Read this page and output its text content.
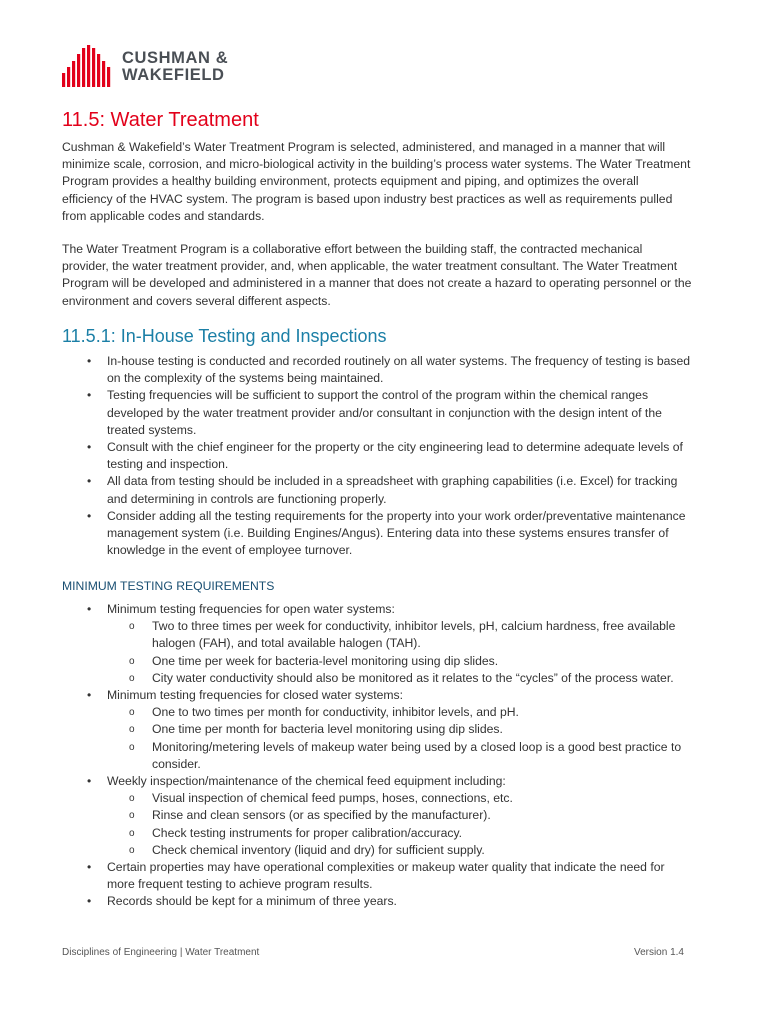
CUSHMAN &
WAKEFIELD
11.5: Water Treatment

Cushman & Wakefield’s Water Treatment Program is selected, administered, and managed in a manner that will minimize scale, corrosion, and micro-biological activity in the building’s process water systems. The Water Treatment Program provides a healthy building environment, protects equipment and piping, and optimizes the overall efficiency of the HVAC system. The program is based upon industry best practices as well as requirements pulled from applicable codes and standards.

The Water Treatment Program is a collaborative effort between the building staff, the contracted mechanical provider, the water treatment provider, and, when applicable, the water treatment consultant. The Water Treatment Program will be developed and administered in a manner that does not create a hazard to operating personnel or the environment and covers several different aspects.

11.5.1: In-House Testing and Inspections
• In-house testing is conducted and recorded routinely on all water systems. The frequency of testing is based on the complexity of the systems being maintained.
• Testing frequencies will be sufficient to support the control of the program within the chemical ranges developed by the water treatment provider and/or consultant in conjunction with the design intent of the treated systems.
• Consult with the chief engineer for the property or the city engineering lead to determine adequate levels of testing and inspection.
• All data from testing should be included in a spreadsheet with graphing capabilities (i.e. Excel) for tracking and determining in controls are functioning properly.
• Consider adding all the testing requirements for the property into your work order/preventative maintenance management system (i.e. Building Engines/Angus). Entering data into these systems ensures transfer of knowledge in the event of employee turnover.
MINIMUM TESTING REQUIREMENTS
• Minimum testing frequencies for open water systems:
o Two to three times per week for conductivity, inhibitor levels, pH, calcium hardness, free available halogen (FAH), and total available halogen (TAH).
o One time per week for bacteria-level monitoring using dip slides.
o City water conductivity should also be monitored as it relates to the “cycles” of the process water.
• Minimum testing frequencies for closed water systems:
o One to two times per month for conductivity, inhibitor levels, and pH.
o One time per month for bacteria level monitoring using dip slides.
o Monitoring/metering levels of makeup water being used by a closed loop is a good best practice to consider.
• Weekly inspection/maintenance of the chemical feed equipment including:
o Visual inspection of chemical feed pumps, hoses, connections, etc.
o Rinse and clean sensors (or as specified by the manufacturer).
o Check testing instruments for proper calibration/accuracy.
o Check chemical inventory (liquid and dry) for sufficient supply.
• Certain properties may have operational complexities or makeup water quality that indicate the need for more frequent testing to achieve program results.
• Records should be kept for a minimum of three years.
Disciplines of Engineering | Water Treatment	Version 1.4
